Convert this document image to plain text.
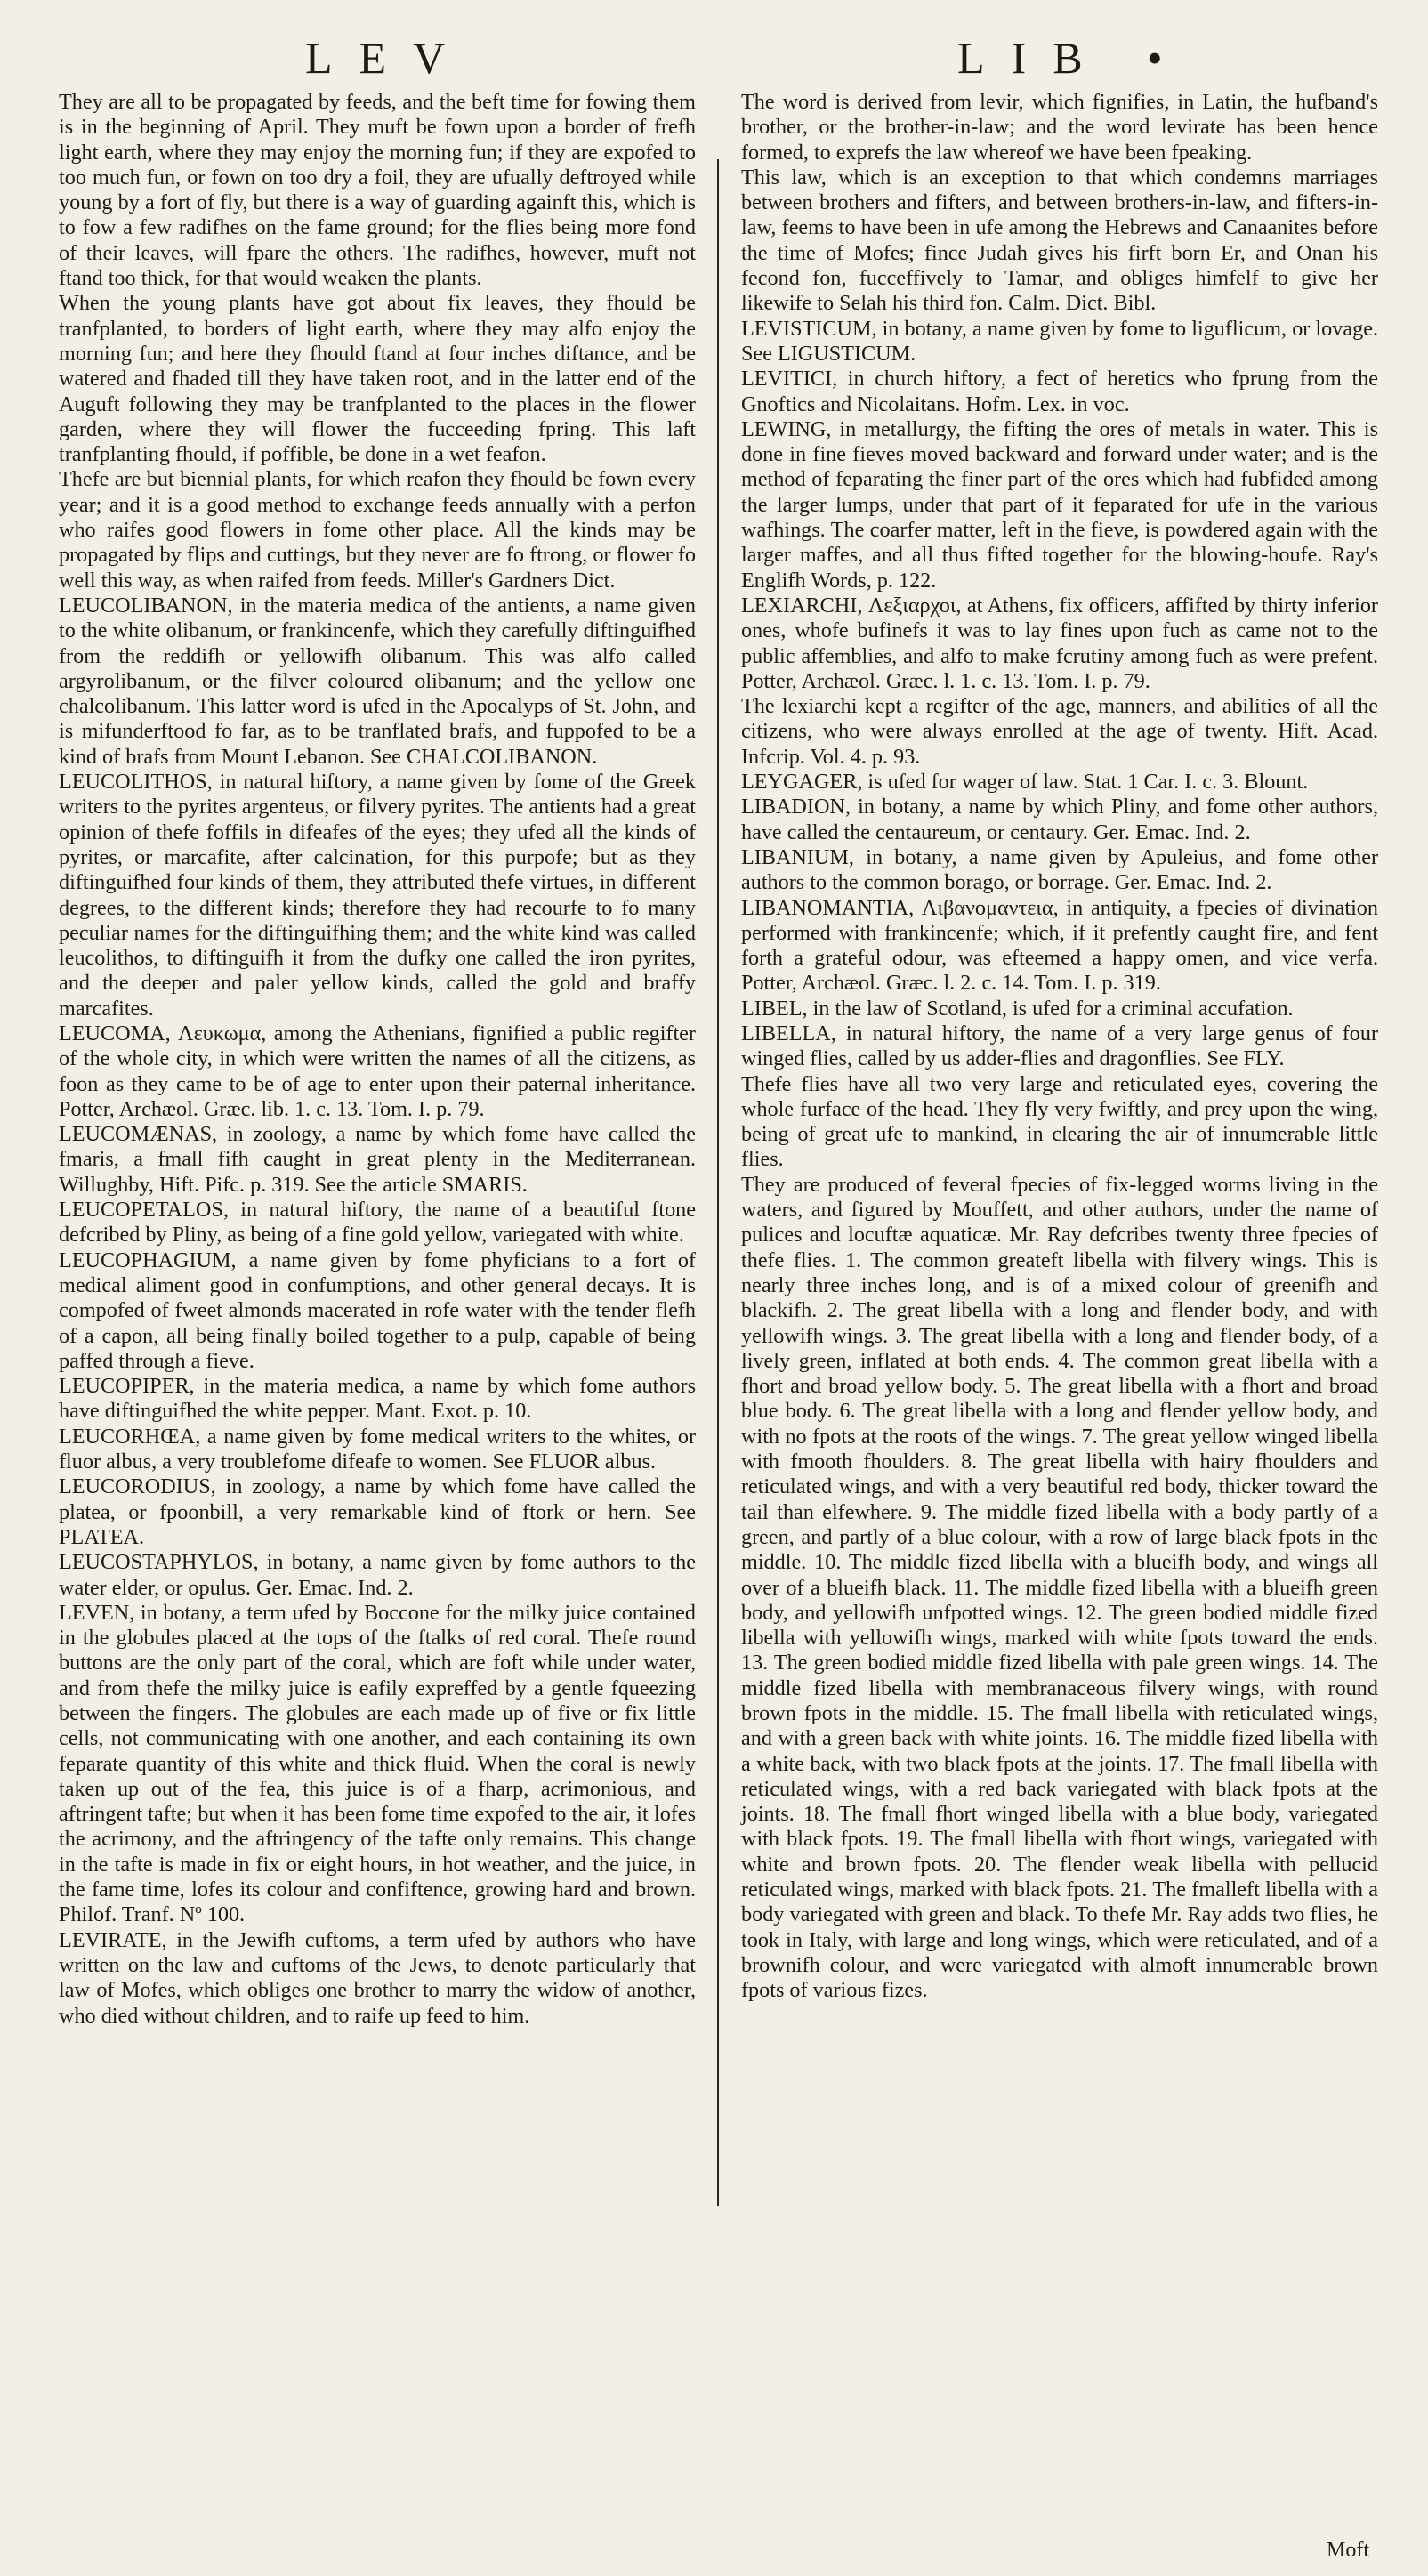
LEV	LIB •

They are all to be propagated by feeds, and the beft time for fowing them is in the beginning of April. They muft be fown upon a border of frefh light earth, where they may enjoy the morning fun; if they are expofed to too much fun, or fown on too dry a foil, they are ufually deftroyed while young by a fort of fly, but there is a way of guarding againft this, which is to fow a few radifhes on the fame ground; for the flies being more fond of their leaves, will fpare the others. The radifhes, however, muft not ftand too thick, for that would weaken the plants.

When the young plants have got about fix leaves, they fhould be tranfplanted, to borders of light earth, where they may alfo enjoy the morning fun; and here they fhould ftand at four inches diftance, and be watered and fhaded till they have taken root, and in the latter end of the Auguft following they may be tranfplanted to the places in the flower garden, where they will flower the fucceeding fpring. This laft tranfplanting fhould, if poffible, be done in a wet feafon.

Thefe are but biennial plants, for which reafon they fhould be fown every year; and it is a good method to exchange feeds annually with a perfon who raifes good flowers in fome other place. All the kinds may be propagated by flips and cuttings, but they never are fo ftrong, or flower fo well this way, as when raifed from feeds. Miller's Gardners Dict.

LEUCOLIBANON, in the materia medica of the antients, a name given to the white olibanum, or frankincenfe, which they carefully diftinguifhed from the reddifh or yellowifh olibanum. This was alfo called argyrolibanum, or the filver coloured olibanum; and the yellow one chalcolibanum. This latter word is ufed in the Apocalyps of St. John, and is mifunderftood fo far, as to be tranflated brafs, and fuppofed to be a kind of brafs from Mount Lebanon. See CHALCOLIBANON.

LEUCOLITHOS, in natural hiftory, a name given by fome of the Greek writers to the pyrites argenteus, or filvery pyrites. The antients had a great opinion of thefe foffils in difeafes of the eyes; they ufed all the kinds of pyrites, or marcafite, after calcination, for this purpofe; but as they diftinguifhed four kinds of them, they attributed thefe virtues, in different degrees, to the different kinds; therefore they had recourfe to fo many peculiar names for the diftinguifhing them; and the white kind was called leucolithos, to diftinguifh it from the dufky one called the iron pyrites, and the deeper and paler yellow kinds, called the gold and braffy marcafites.

LEUCOMA, Λευκωμα, among the Athenians, fignified a public regifter of the whole city, in which were written the names of all the citizens, as foon as they came to be of age to enter upon their paternal inheritance. Potter, Archæol. Græc. lib. 1. c. 13. Tom. I. p. 79.

LEUCOMÆNAS, in zoology, a name by which fome have called the fmaris, a fmall fifh caught in great plenty in the Mediterranean. Willughby, Hift. Pifc. p. 319. See the article SMARIS.

LEUCOPETALOS, in natural hiftory, the name of a beautiful ftone defcribed by Pliny, as being of a fine gold yellow, variegated with white.

LEUCOPHAGIUM, a name given by fome phyficians to a fort of medical aliment good in confumptions, and other general decays. It is compofed of fweet almonds macerated in rofe water with the tender flefh of a capon, all being finally boiled together to a pulp, capable of being paffed through a fieve.

LEUCOPIPER, in the materia medica, a name by which fome authors have diftinguifhed the white pepper. Mant. Exot. p. 10.

LEUCORHŒA, a name given by fome medical writers to the whites, or fluor albus, a very troublefome difeafe to women. See FLUOR albus.

LEUCORODIUS, in zoology, a name by which fome have called the platea, or fpoonbill, a very remarkable kind of ftork or hern. See PLATEA.

LEUCOSTAPHYLOS, in botany, a name given by fome authors to the water elder, or opulus. Ger. Emac. Ind. 2.

LEVEN, in botany, a term ufed by Boccone for the milky juice contained in the globules placed at the tops of the ftalks of red coral. Thefe round buttons are the only part of the coral, which are foft while under water, and from thefe the milky juice is eafily expreffed by a gentle fqueezing between the fingers. The globules are each made up of five or fix little cells, not communicating with one another, and each containing its own feparate quantity of this white and thick fluid. When the coral is newly taken up out of the fea, this juice is of a fharp, acrimonious, and aftringent tafte; but when it has been fome time expofed to the air, it lofes the acrimony, and the aftringency of the tafte only remains. This change in the tafte is made in fix or eight hours, in hot weather, and the juice, in the fame time, lofes its colour and confiftence, growing hard and brown. Philof. Tranf. Nº 100.

LEVIRATE, in the Jewifh cuftoms, a term ufed by authors who have written on the law and cuftoms of the Jews, to denote particularly that law of Mofes, which obliges one brother to marry the widow of another, who died without children, and to raife up feed to him.

The word is derived from levir, which fignifies, in Latin, the hufband's brother, or the brother-in-law; and the word levirate has been hence formed, to exprefs the law whereof we have been fpeaking.

This law, which is an exception to that which condemns marriages between brothers and fifters, and between brothers-in-law, and fifters-in-law, feems to have been in ufe among the Hebrews and Canaanites before the time of Mofes; fince Judah gives his firft born Er, and Onan his fecond fon, fucceffively to Tamar, and obliges himfelf to give her likewife to Selah his third fon. Calm. Dict. Bibl.

LEVISTICUM, in botany, a name given by fome to liguflicum, or lovage. See LIGUSTICUM.

LEVITICI, in church hiftory, a fect of heretics who fprung from the Gnoftics and Nicolaitans. Hofm. Lex. in voc.

LEWING, in metallurgy, the fifting the ores of metals in water. This is done in fine fieves moved backward and forward under water; and is the method of feparating the finer part of the ores which had fubfided among the larger lumps, under that part of it feparated for ufe in the various wafhings. The coarfer matter, left in the fieve, is powdered again with the larger maffes, and all thus fifted together for the blowing-houfe. Ray's Englifh Words, p. 122.

LEXIARCHI, Λεξιαρχοι, at Athens, fix officers, affifted by thirty inferior ones, whofe bufinefs it was to lay fines upon fuch as came not to the public affemblies, and alfo to make fcrutiny among fuch as were prefent. Potter, Archæol. Græc. l. 1. c. 13. Tom. I. p. 79.

The lexiarchi kept a regifter of the age, manners, and abilities of all the citizens, who were always enrolled at the age of twenty. Hift. Acad. Infcrip. Vol. 4. p. 93.

LEYGAGER, is ufed for wager of law. Stat. 1 Car. I. c. 3. Blount.

LIBADION, in botany, a name by which Pliny, and fome other authors, have called the centaureum, or centaury. Ger. Emac. Ind. 2.

LIBANIUM, in botany, a name given by Apuleius, and fome other authors to the common borago, or borrage. Ger. Emac. Ind. 2.

LIBANOMANTIA, Λιβανομαντεια, in antiquity, a fpecies of divination performed with frankincenfe; which, if it prefently caught fire, and fent forth a grateful odour, was efteemed a happy omen, and vice verfa. Potter, Archæol. Græc. l. 2. c. 14. Tom. I. p. 319.

LIBEL, in the law of Scotland, is ufed for a criminal accufation.

LIBELLA, in natural hiftory, the name of a very large genus of four winged flies, called by us adder-flies and dragonflies. See FLY.

Thefe flies have all two very large and reticulated eyes, covering the whole furface of the head. They fly very fwiftly, and prey upon the wing, being of great ufe to mankind, in clearing the air of innumerable little flies.

They are produced of feveral fpecies of fix-legged worms living in the waters, and figured by Mouffett, and other authors, under the name of pulices and locuftæ aquaticæ. Mr. Ray defcribes twenty three fpecies of thefe flies. 1. The common greateft libella with filvery wings. This is nearly three inches long, and is of a mixed colour of greenifh and blackifh. 2. The great libella with a long and flender body, and with yellowifh wings. 3. The great libella with a long and flender body, of a lively green, inflated at both ends. 4. The common great libella with a fhort and broad yellow body. 5. The great libella with a fhort and broad blue body. 6. The great libella with a long and flender yellow body, and with no fpots at the roots of the wings. 7. The great yellow winged libella with fmooth fhoulders. 8. The great libella with hairy fhoulders and reticulated wings, and with a very beautiful red body, thicker toward the tail than elfewhere. 9. The middle fized libella with a body partly of a green, and partly of a blue colour, with a row of large black fpots in the middle. 10. The middle fized libella with a blueifh body, and wings all over of a blueifh black. 11. The middle fized libella with a blueifh green body, and yellowifh unfpotted wings. 12. The green bodied middle fized libella with yellowifh wings, marked with white fpots toward the ends. 13. The green bodied middle fized libella with pale green wings. 14. The middle fized libella with membranaceous filvery wings, with round brown fpots in the middle. 15. The fmall libella with reticulated wings, and with a green back with white joints. 16. The middle fized libella with a white back, with two black fpots at the joints. 17. The fmall libella with reticulated wings, with a red back variegated with black fpots at the joints. 18. The fmall fhort winged libella with a blue body, variegated with black fpots. 19. The fmall libella with fhort wings, variegated with white and brown fpots. 20. The flender weak libella with pellucid reticulated wings, marked with black fpots. 21. The fmalleft libella with a body variegated with green and black. To thefe Mr. Ray adds two flies, he took in Italy, with large and long wings, which were reticulated, and of a brownifh colour, and were variegated with almoft innumerable brown fpots of various fizes.

Moft
